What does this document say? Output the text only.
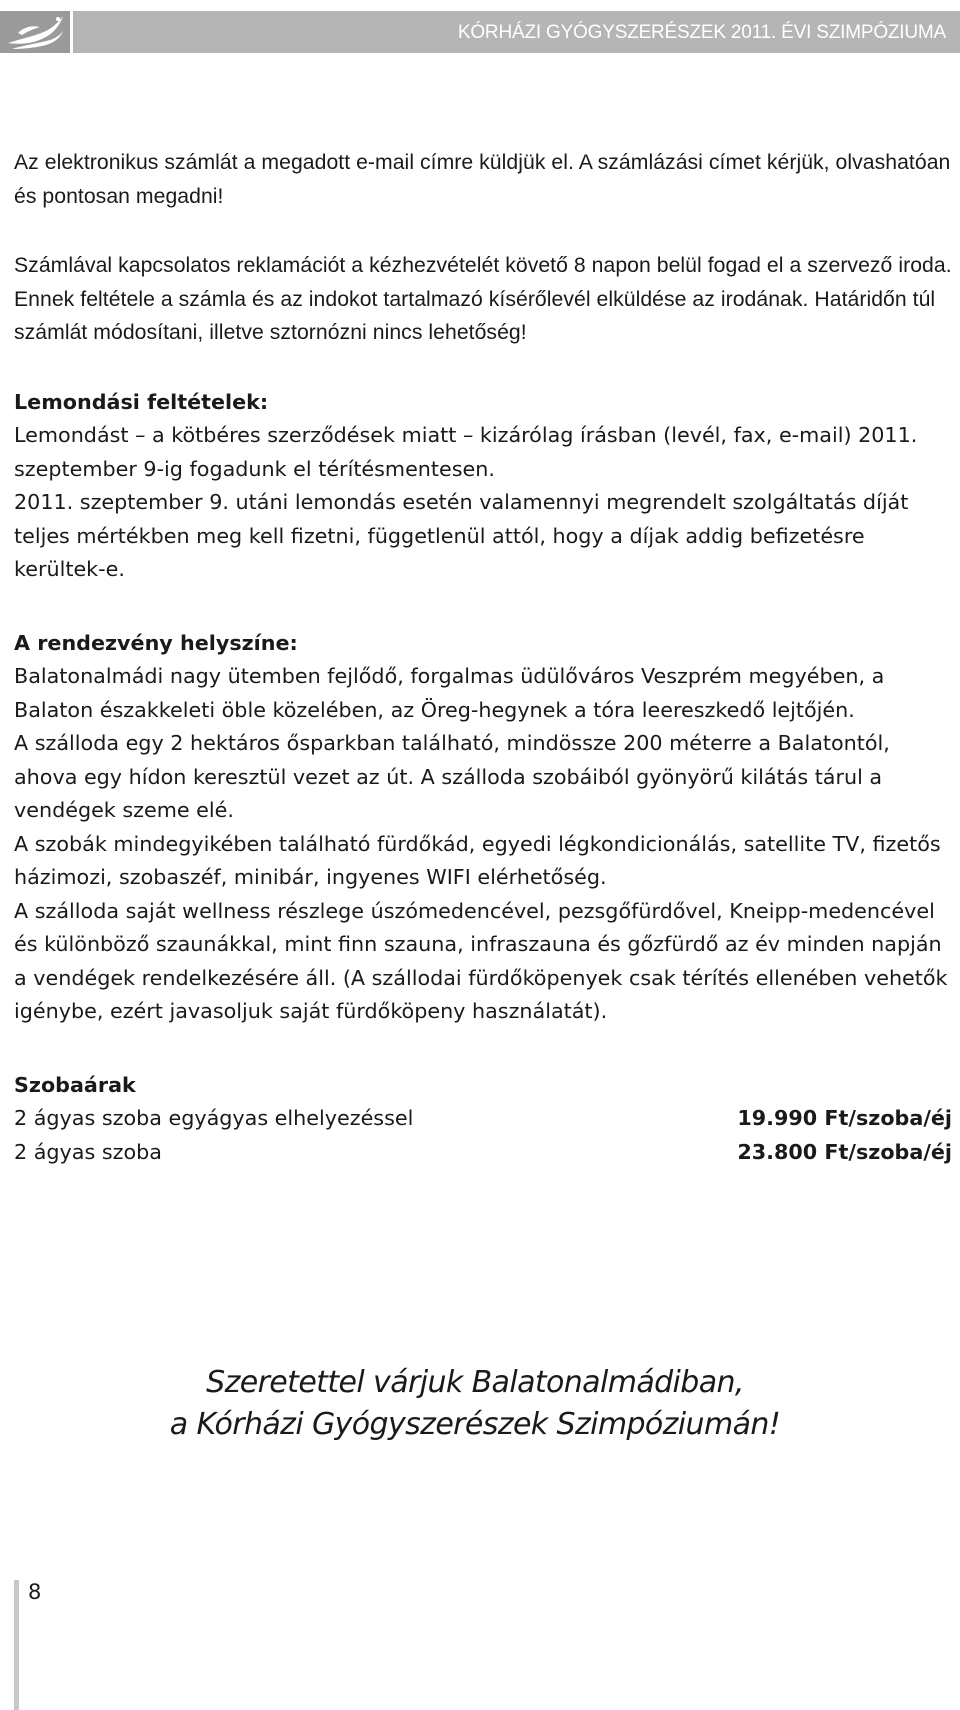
KÓRHÁZI GYÓGYSZERÉSZEK 2011. ÉVI SZIMPÓZIUMA

Az elektronikus számlát a megadott e-mail címre küldjük el. A számlázási címet kérjük, olvashatóan és pontosan megadni!

Számlával kapcsolatos reklamációt a kézhezvételét követő 8 napon belül fogad el a szervező iroda. Ennek feltétele a számla és az indokot tartalmazó kísérőlevél elküldése az irodának. Határidőn túl számlát módosítani, illetve sztornózni nincs lehetőség!

Lemondási feltételek:

Lemondást – a kötbéres szerződések miatt – kizárólag írásban (levél, fax, e-mail) 2011. szeptember 9-ig fogadunk el térítésmentesen.

2011. szeptember 9. utáni lemondás esetén valamennyi megrendelt szolgáltatás díját teljes mértékben meg kell fizetni, függetlenül attól, hogy a díjak addig befizetésre kerültek-e.

A rendezvény helyszíne:

Balatonalmádi nagy ütemben fejlődő, forgalmas üdülőváros Veszprém megyében, a Balaton északkeleti öble közelében, az Öreg-hegynek a tóra leereszkedő lejtőjén.

A szálloda egy 2 hektáros ősparkban található, mindössze 200 méterre a Balatontól, ahova egy hídon keresztül vezet az út. A szálloda szobáiból gyönyörű kilátás tárul a vendégek szeme elé.

A szobák mindegyikében található fürdőkád, egyedi légkondicionálás, satellite TV, fizetős házimozi, szobaszéf, minibár, ingyenes WIFI elérhetőség.

A szálloda saját wellness részlege úszómedencével, pezsgőfürdővel, Kneipp-medencével és különböző szaunákkal, mint finn szauna, infraszauna és gőzfürdő az év minden napján a vendégek rendelkezésére áll. (A szállodai fürdőköpenyek csak térítés ellenében vehetők igénybe, ezért javasoljuk saját fürdőköpeny használatát).

Szobaárak

2 ágyas szoba egyágyas elhelyezéssel	19.990 Ft/szoba/éj
2 ágyas szoba	23.800 Ft/szoba/éj
Szeretettel várjuk Balatonalmádiban,
a Kórházi Gyógyszerészek Szimpóziumán!
8
